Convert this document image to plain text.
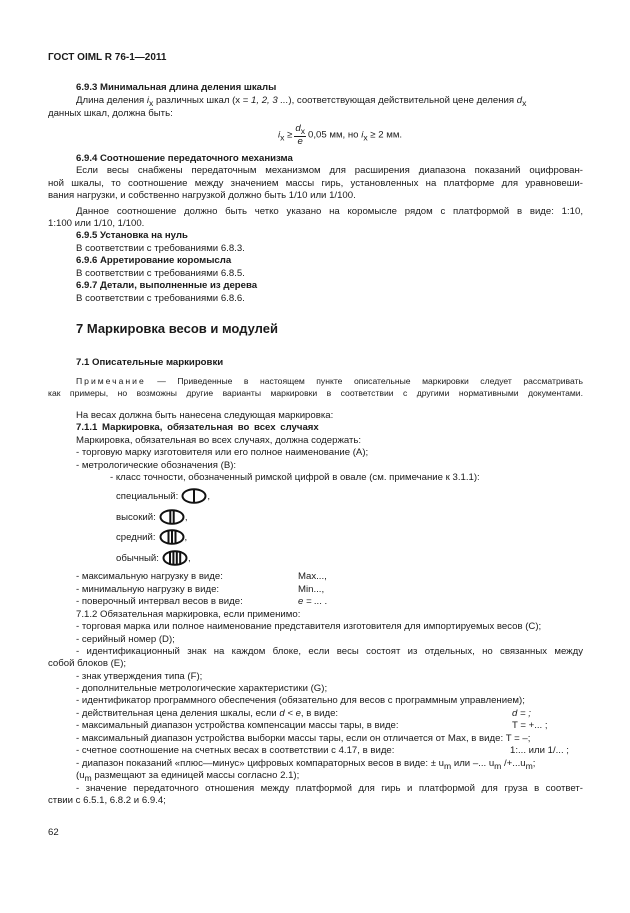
ГОСТ OIML R 76-1—2011
6.9.3 Минимальная длина деления шкалы
Длина деления $i_x$ различных шкал (x = 1, 2, 3 ...), соответствующая действительной цене деления $d_x$
данных шкал, должна быть:
$i_x \ge \frac{d_x}{e} 0,05$ мм, но $i_x \ge 2$ мм.
6.9.4 Соотношение передаточного механизма
Если весы снабжены передаточным механизмом для расширения диапазона показаний оцифрован-
ной шкалы, то соотношение между значением массы гирь, установленных на платформе для уравновеши-
вания нагрузки, и собственно нагрузкой должно быть 1/10 или 1/100.
Данное соотношение должно быть четко указано на коромысле рядом с платформой в виде: 1:10,
1:100 или 1/10, 1/100.
6.9.5 Установка на нуль
В соответствии с требованиями 6.8.3.
6.9.6 Арретирование коромысла
В соответствии с требованиями 6.8.5.
6.9.7 Детали, выполненные из дерева
В соответствии с требованиями 6.8.6.
7 Маркировка весов и модулей
7.1 Описательные маркировки
Примечание — Приведенные в настоящем пункте описательные маркировки следует рассматривать
как примеры, но возможны другие варианты маркировки в соответствии с другими нормативными документами.
На весах должна быть нанесена следующая маркировка:
7.1.1 Маркировка, обязательная во всех случаях
Маркировка, обязательная во всех случаях, должна содержать:
- торговую марку изготовителя или его полное наименование (A);
- метрологические обозначения (B):
- класс точности, обозначенный римской цифрой в овале (см. примечание к 3.1.1):
специальный:	,
высокий:	,
средний:	,
обычный:	,
- максимальную нагрузку в виде:	Max...,
- минимальную нагрузку в виде:	Min...,
- поверочный интервал весов в виде:	e = ... .
7.1.2 Обязательная маркировка, если применимо:
- торговая марка или полное наименование представителя изготовителя для импортируемых весов (C);
- серийный номер (D);
- идентификационный знак на каждом блоке, если весы состоят из отдельных, но связанных между
собой блоков (E);
- знак утверждения типа (F);
- дополнительные метрологические характеристики (G);
- идентификатор программного обеспечения (обязательно для весов с программным управлением);
- действительная цена деления шкалы, если d < e, в виде:	d = ;
- максимальный диапазон устройства компенсации массы тары, в виде:	T = +... ;
- максимальный диапазон устройства выборки массы тары, если он отличается от Max, в виде: T = –;
- счетное соотношение на счетных весах в соответствии с 4.17, в виде:	1:... или 1/... ;
- диапазон показаний «плюс—минус» цифровых компараторных весов в виде: ± $u_m$ или –... $u_m$ $/+...u_m$;
($u_m$ размещают за единицей массы согласно 2.1);
- значение передаточного отношения между платформой для гирь и платформой для груза в соответ-
ствии с 6.5.1, 6.8.2 и 6.9.4;
62
